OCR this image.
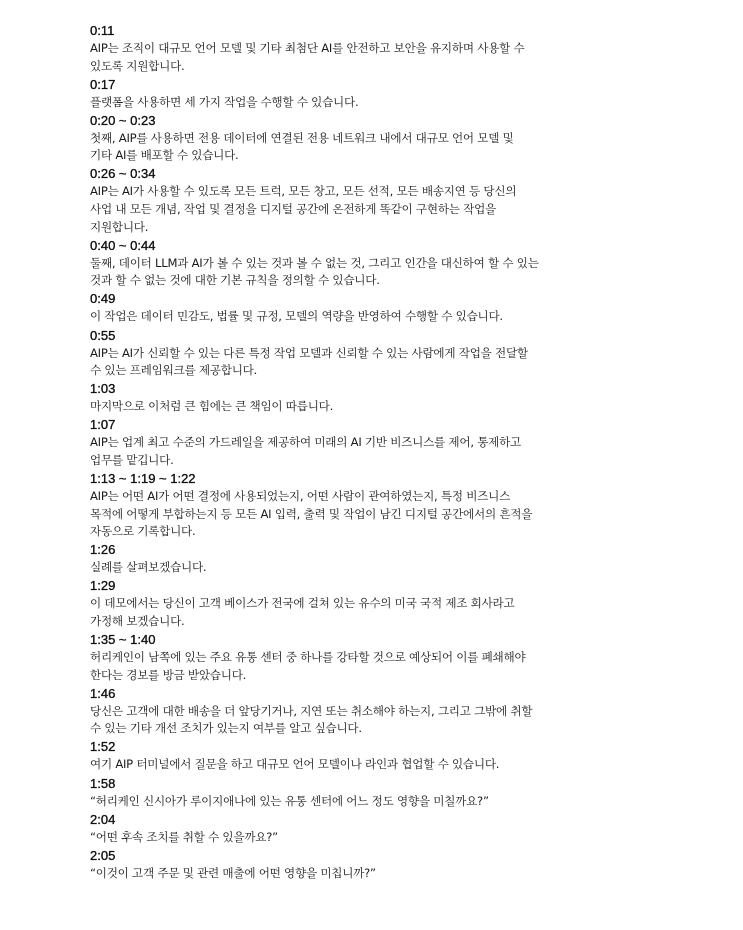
0:11
AIP는 조직이 대규모 언어 모델 및 기타 최첨단 AI를 안전하고 보안을 유지하며 사용할 수
있도록 지원합니다.
0:17
플랫폼을 사용하면 세 가지 작업을 수행할 수 있습니다.
0:20 ~ 0:23
첫째, AIP를 사용하면 전용 데이터에 연결된 전용 네트워크 내에서 대규모 언어 모델 및
기타 AI를 배포할 수 있습니다.
0:26 ~ 0:34
AIP는 AI가 사용할 수 있도록 모든 트럭, 모든 창고, 모든 선적, 모든 배송지연 등 당신의
사업 내 모든 개념, 작업 및 결정을 디지털 공간에 온전하게 똑같이 구현하는 작업을
지원합니다.
0:40 ~ 0:44
둘째, 데이터 LLM과 AI가 볼 수 있는 것과 볼 수 없는 것, 그리고 인간을 대신하여 할 수 있는
것과 할 수 없는 것에 대한 기본 규칙을 정의할 수 있습니다.
0:49
이 작업은 데이터 민감도, 법률 및 규정, 모델의 역량을 반영하여 수행할 수 있습니다.
0:55
AIP는 AI가 신뢰할 수 있는 다른 특정 작업 모델과 신뢰할 수 있는 사람에게 작업을 전달할
수 있는 프레임워크를 제공합니다.
1:03
마지막으로 이처럼 큰 힘에는 큰 책임이 따릅니다.
1:07
AIP는 업계 최고 수준의 가드레일을 제공하여 미래의 AI 기반 비즈니스를 제어, 통제하고
업무를 맡깁니다.
1:13 ~ 1:19 ~ 1:22
AIP는 어떤 AI가 어떤 결정에 사용되었는지, 어떤 사람이 관여하였는지, 특정 비즈니스
목적에 어떻게 부합하는지 등 모든 AI 입력, 출력 및 작업이 남긴 디지털 공간에서의 흔적을
자동으로 기록합니다.
1:26
실례를 살펴보겠습니다.
1:29
이 데모에서는 당신이 고객 베이스가 전국에 걸쳐 있는 유수의 미국 국적 제조 회사라고
가정해 보겠습니다.
1:35 ~ 1:40
허리케인이 남쪽에 있는 주요 유통 센터 중 하나를 강타할 것으로 예상되어 이를 폐쇄해야
한다는 경보를 방금 받았습니다.
1:46
당신은 고객에 대한 배송을 더 앞당기거나, 지연 또는 취소해야 하는지, 그리고 그밖에 취할
수 있는 기타 개선 조치가 있는지 여부를 알고 싶습니다.
1:52
여기 AIP 터미널에서 질문을 하고 대규모 언어 모델이나 라인과 협업할 수 있습니다.
1:58
“허리케인 신시아가 루이지애나에 있는 유통 센터에 어느 정도 영향을 미칠까요?”
2:04
“어떤 후속 조치를 취할 수 있을까요?”
2:05
“이것이 고객 주문 및 관련 매출에 어떤 영향을 미칩니까?”
